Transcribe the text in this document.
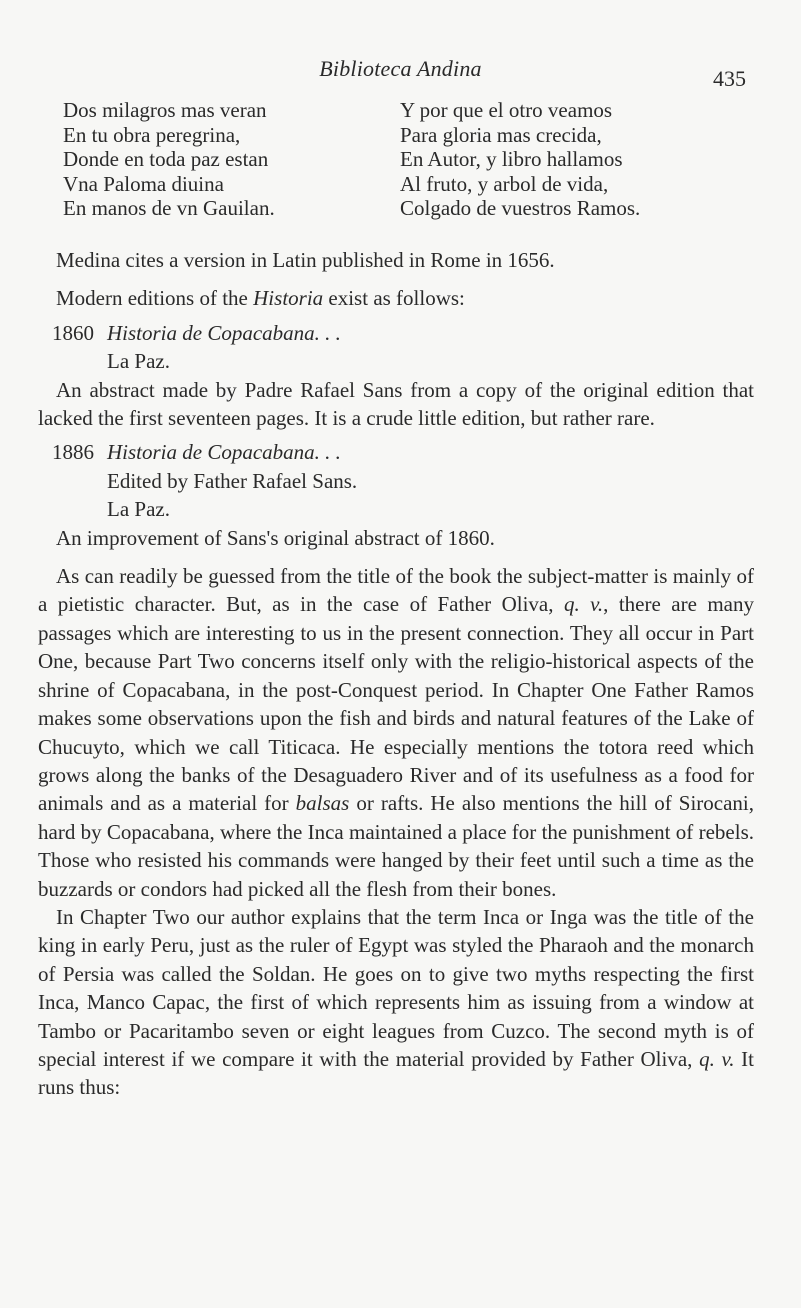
Biblioteca Andina	435
Dos milagros mas veran
En tu obra peregrina,
Donde en toda paz estan
Vna Paloma diuina
En manos de vn Gauilan.
Y por que el otro veamos
Para gloria mas crecida,
En Autor, y libro hallamos
Al fruto, y arbol de vida,
Colgado de vuestros Ramos.

Medina cites a version in Latin published in Rome in 1656.

Modern editions of the Historia exist as follows:

1860 Historia de Copacabana. . .
La Paz.

An abstract made by Padre Rafael Sans from a copy of the original edition that lacked the first seventeen pages. It is a crude little edition, but rather rare.

1886 Historia de Copacabana. . .
Edited by Father Rafael Sans.
La Paz.

An improvement of Sans's original abstract of 1860.

As can readily be guessed from the title of the book the subject-matter is mainly of a pietistic character. But, as in the case of Father Oliva, q. v., there are many passages which are interesting to us in the present connection. They all occur in Part One, because Part Two concerns itself only with the religio-historical aspects of the shrine of Copacabana, in the post-Conquest period. In Chapter One Father Ramos makes some observations upon the fish and birds and natural features of the Lake of Chucuyto, which we call Titicaca. He especially mentions the totora reed which grows along the banks of the Desaguadero River and of its usefulness as a food for animals and as a material for balsas or rafts. He also mentions the hill of Sirocani, hard by Copacabana, where the Inca maintained a place for the punishment of rebels. Those who resisted his commands were hanged by their feet until such a time as the buzzards or condors had picked all the flesh from their bones.

In Chapter Two our author explains that the term Inca or Inga was the title of the king in early Peru, just as the ruler of Egypt was styled the Pharaoh and the monarch of Persia was called the Soldan. He goes on to give two myths respecting the first Inca, Manco Capac, the first of which represents him as issuing from a window at Tambo or Pacaritambo seven or eight leagues from Cuzco. The second myth is of special interest if we compare it with the material provided by Father Oliva, q. v. It runs thus:
